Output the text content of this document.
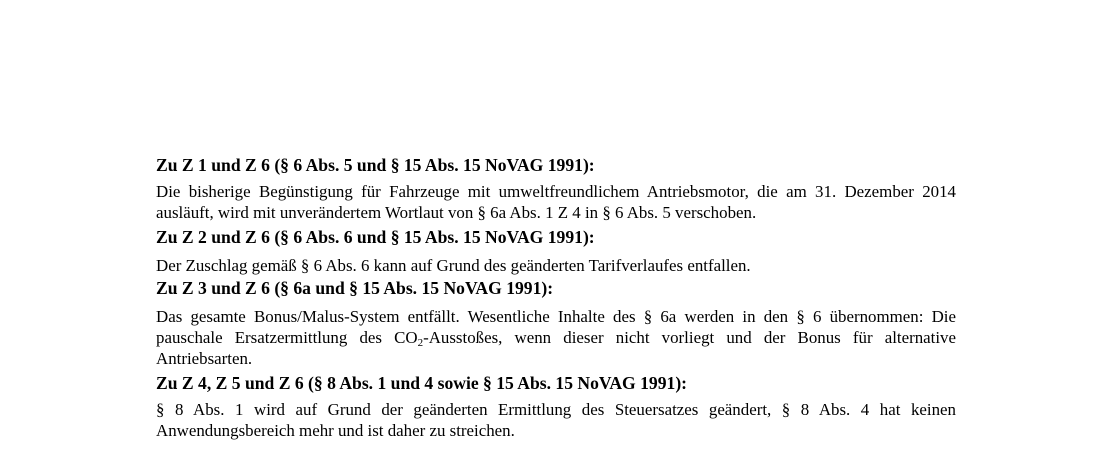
Zu Z 1 und Z 6 (§ 6 Abs. 5 und § 15 Abs. 15 NoVAG 1991):

Die bisherige Begünstigung für Fahrzeuge mit umweltfreundlichem Antriebsmotor, die am 31. Dezember 2014 ausläuft, wird mit unverändertem Wortlaut von § 6a Abs. 1 Z 4 in § 6 Abs. 5 verschoben.

Zu Z 2 und Z 6 (§ 6 Abs. 6 und § 15 Abs. 15 NoVAG 1991):

Der Zuschlag gemäß § 6 Abs. 6 kann auf Grund des geänderten Tarifverlaufes entfallen.

Zu Z 3 und Z 6 (§ 6a und § 15 Abs. 15 NoVAG 1991):

Das gesamte Bonus/Malus-System entfällt. Wesentliche Inhalte des § 6a werden in den § 6 übernommen: Die pauschale Ersatzermittlung des $CO_2$-Ausstoßes, wenn dieser nicht vorliegt und der Bonus für alternative Antriebsarten.

Zu Z 4, Z 5 und Z 6 (§ 8 Abs. 1 und 4 sowie § 15 Abs. 15 NoVAG 1991):

§ 8 Abs. 1 wird auf Grund der geänderten Ermittlung des Steuersatzes geändert, § 8 Abs. 4 hat keinen Anwendungsbereich mehr und ist daher zu streichen.
